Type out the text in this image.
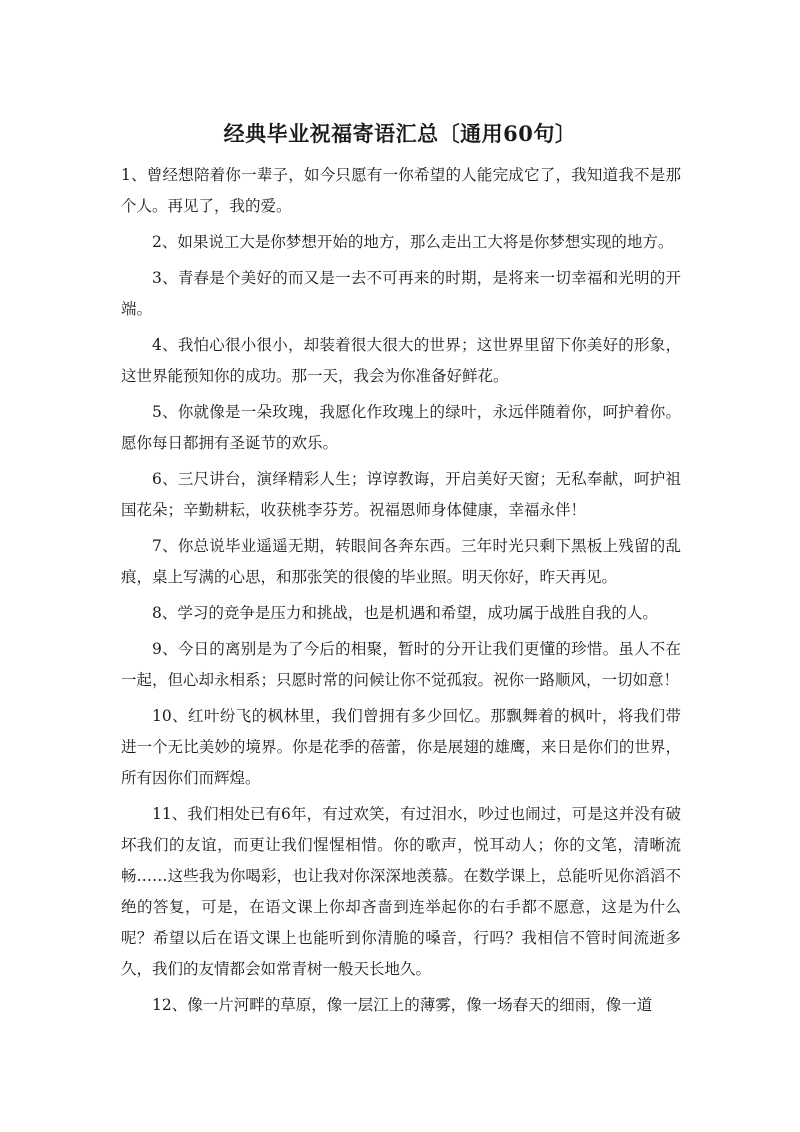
经典毕业祝福寄语汇总〔通用60句〕

1、曾经想陪着你一辈子，如今只愿有一你希望的人能完成它了，我知道我不是那个人。再见了，我的爱。

2、如果说工大是你梦想开始的地方，那么走出工大将是你梦想实现的地方。

3、青春是个美好的而又是一去不可再来的时期，是将来一切幸福和光明的开端。

4、我怕心很小很小，却装着很大很大的世界；这世界里留下你美好的形象，这世界能预知你的成功。那一天，我会为你准备好鲜花。

5、你就像是一朵玫瑰，我愿化作玫瑰上的绿叶，永远伴随着你，呵护着你。愿你每日都拥有圣诞节的欢乐。

6、三尺讲台，演绎精彩人生；谆谆教诲，开启美好天窗；无私奉献，呵护祖国花朵；辛勤耕耘，收获桃李芬芳。祝福恩师身体健康，幸福永伴！

7、你总说毕业遥遥无期，转眼间各奔东西。三年时光只剩下黑板上残留的乱痕，桌上写满的心思，和那张笑的很傻的毕业照。明天你好，昨天再见。

8、学习的竞争是压力和挑战，也是机遇和希望，成功属于战胜自我的人。

9、今日的离别是为了今后的相聚，暂时的分开让我们更懂的珍惜。虽人不在一起，但心却永相系；只愿时常的问候让你不觉孤寂。祝你一路顺风，一切如意！

10、红叶纷飞的枫林里，我们曾拥有多少回忆。那飘舞着的枫叶，将我们带进一个无比美妙的境界。你是花季的蓓蕾，你是展翅的雄鹰，来日是你们的世界，所有因你们而辉煌。

11、我们相处已有6年，有过欢笑，有过泪水，吵过也闹过，可是这并没有破坏我们的友谊，而更让我们惺惺相惜。你的歌声，悦耳动人；你的文笔，清晰流畅……这些我为你喝彩，也让我对你深深地羡慕。在数学课上，总能听见你滔滔不绝的答复，可是，在语文课上你却吝啬到连举起你的右手都不愿意，这是为什么呢？希望以后在语文课上也能听到你清脆的嗓音，行吗？我相信不管时间流逝多久，我们的友情都会如常青树一般天长地久。

12、像一片河畔的草原，像一层江上的薄雾，像一场春天的细雨，像一道
